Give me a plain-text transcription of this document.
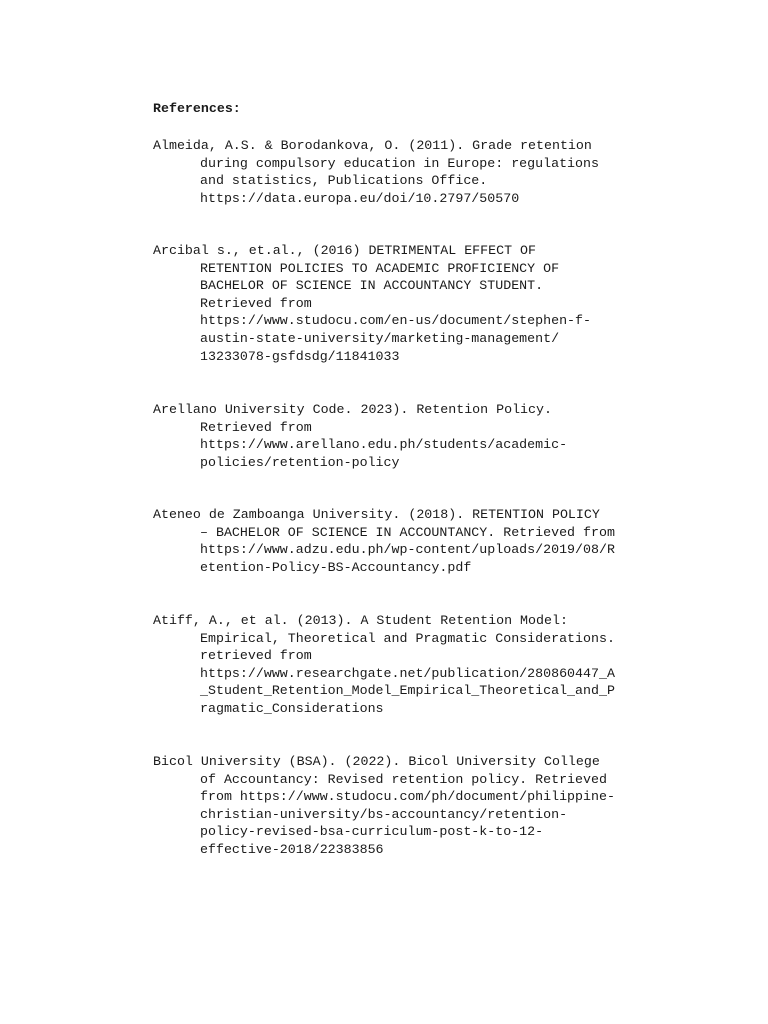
References:

Almeida, A.S. & Borodankova, O. (2011). Grade retention
during compulsory education in Europe: regulations
and statistics, Publications Office.
https://data.europa.eu/doi/10.2797/50570
Arcibal s., et.al., (2016) DETRIMENTAL EFFECT OF
RETENTION POLICIES TO ACADEMIC PROFICIENCY OF
BACHELOR OF SCIENCE IN ACCOUNTANCY STUDENT.
Retrieved from
https://www.studocu.com/en-us/document/stephen-f-
austin-state-university/marketing-management/
13233078-gsfdsdg/11841033
Arellano University Code. 2023). Retention Policy.
Retrieved from
https://www.arellano.edu.ph/students/academic-
policies/retention-policy
Ateneo de Zamboanga University. (2018). RETENTION POLICY
– BACHELOR OF SCIENCE IN ACCOUNTANCY. Retrieved from
https://www.adzu.edu.ph/wp-content/uploads/2019/08/R
etention-Policy-BS-Accountancy.pdf
Atiff, A., et al. (2013). A Student Retention Model:
Empirical, Theoretical and Pragmatic Considerations.
retrieved from
https://www.researchgate.net/publication/280860447_A
_Student_Retention_Model_Empirical_Theoretical_and_P
ragmatic_Considerations
Bicol University (BSA). (2022). Bicol University College
of Accountancy: Revised retention policy. Retrieved
from https://www.studocu.com/ph/document/philippine-
christian-university/bs-accountancy/retention-
policy-revised-bsa-curriculum-post-k-to-12-
effective-2018/22383856
